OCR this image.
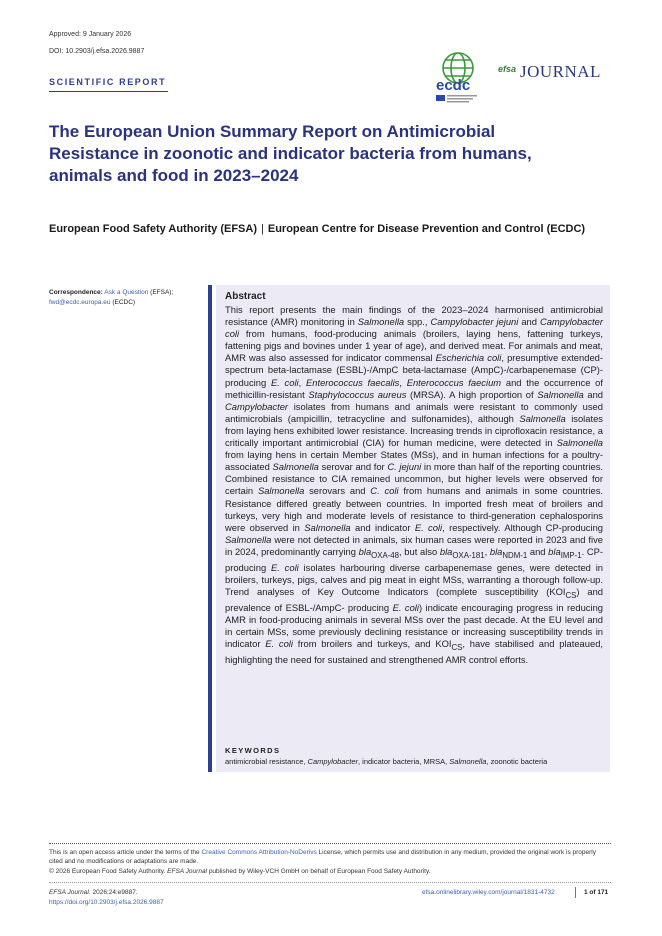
Approved: 9 January 2026
DOI: 10.2903/j.efsa.2026.9887
SCIENTIFIC REPORT	ecdc
efsa JOURNAL
The European Union Summary Report on Antimicrobial Resistance in zoonotic and indicator bacteria from humans, animals and food in 2023–2024
European Food Safety Authority (EFSA) | European Centre for Disease Prevention and Control (ECDC)
Correspondence: Ask a Question (EFSA);
fwd@ecdc.europa.eu (ECDC)
Abstract
This report presents the main findings of the 2023–2024 harmonised antimicrobial resistance (AMR) monitoring in Salmonella spp., Campylobacter jejuni and Campylobacter coli from humans, food-producing animals (broilers, laying hens, fattening turkeys, fattening pigs and bovines under 1 year of age), and derived meat. For animals and meat, AMR was also assessed for indicator commensal Escherichia coli, presumptive extended-spectrum beta-lactamase (ESBL)-/AmpC beta-lactamase (AmpC)-/carbapenemase (CP)-producing E. coli, Enterococcus faecalis, Enterococcus faecium and the occurrence of methicillin-resistant Staphylococcus aureus (MRSA). A high proportion of Salmonella and Campylobacter isolates from humans and animals were resistant to commonly used antimicrobials (ampicillin, tetracycline and sulfonamides), although Salmonella isolates from laying hens exhibited lower resistance. Increasing trends in ciprofloxacin resistance, a critically important antimicrobial (CIA) for human medicine, were detected in Salmonella from laying hens in certain Member States (MSs), and in human infections for a poultry-associated Salmonella serovar and for C. jejuni in more than half of the reporting countries. Combined resistance to CIA remained uncommon, but higher levels were observed for certain Salmonella serovars and C. coli from humans and animals in some countries. Resistance differed greatly between countries. In imported fresh meat of broilers and turkeys, very high and moderate levels of resistance to third-generation cephalosporins were observed in Salmonella and indicator E. coli, respectively. Although CP-producing Salmonella were not detected in animals, six human cases were reported in 2023 and five in 2024, predominantly carrying bla$_{OXA-48}$, but also bla$_{OXA-181}$, bla$_{NDM-1}$ and bla$_{IMP-1}$. CP-producing E. coli isolates harbouring diverse carbapenemase genes, were detected in broilers, turkeys, pigs, calves and pig meat in eight MSs, warranting a thorough follow-up. Trend analyses of Key Outcome Indicators (complete susceptibility $(KOI_{CS})$ and prevalence of ESBL-/AmpC- producing E. coli) indicate encouraging progress in reducing AMR in food-producing animals in several MSs over the past decade. At the EU level and in certain MSs, some previously declining resistance or increasing susceptibility trends in indicator E. coli from broilers and turkeys, and $KOI_{CS}$, have stabilised and plateaued, highlighting the need for sustained and strengthened AMR control efforts.
KEYWORDS
antimicrobial resistance, Campylobacter, indicator bacteria, MRSA, Salmonella, zoonotic bacteria
This is an open access article under the terms of the Creative Commons Attribution-NoDerivs License, which permits use and distribution in any medium, provided the original work is properly cited and no modifications or adaptations are made.
© 2026 European Food Safety Authority. EFSA Journal published by Wiley-VCH GmbH on behalf of European Food Safety Authority.
EFSA Journal. 2026;24:e9887.
https://doi.org/10.2903/j.efsa.2026.9887
efsa.onlinelibrary.wiley.com/journal/1831-4732	1 of 171
